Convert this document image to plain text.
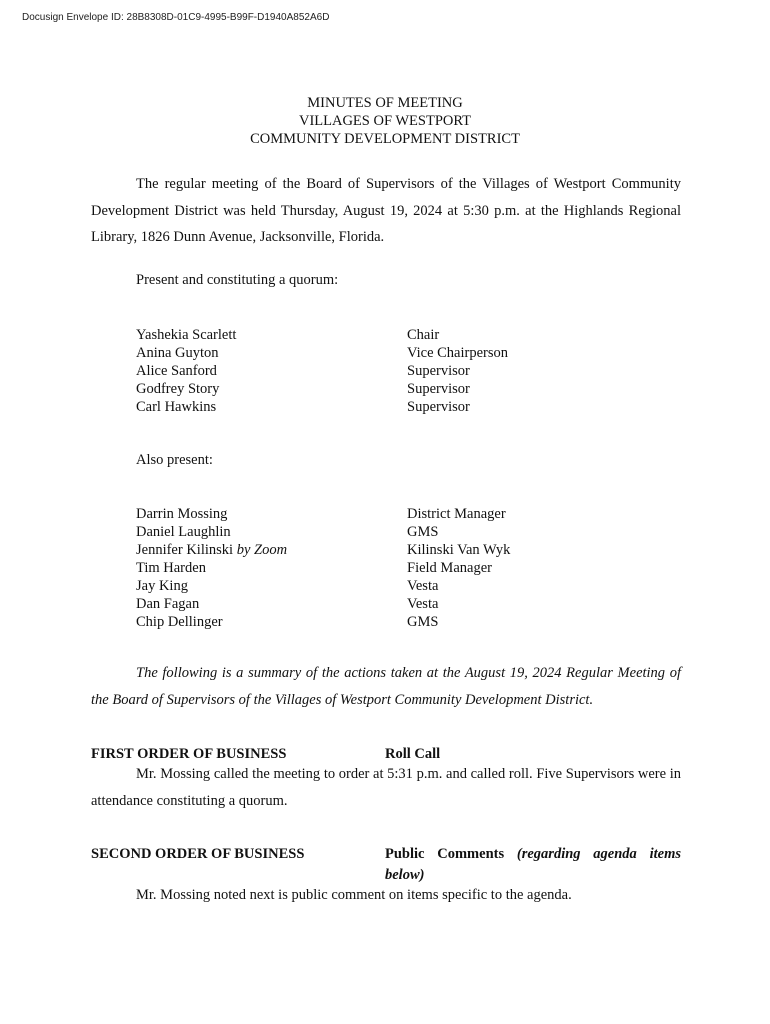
Docusign Envelope ID: 28B8308D-01C9-4995-B99F-D1940A852A6D
MINUTES OF MEETING
VILLAGES OF WESTPORT
COMMUNITY DEVELOPMENT DISTRICT
The regular meeting of the Board of Supervisors of the Villages of Westport Community Development District was held Thursday, August 19, 2024 at 5:30 p.m. at the Highlands Regional Library, 1826 Dunn Avenue, Jacksonville, Florida.
Present and constituting a quorum:
Yashekia Scarlett	Chair
Anina Guyton	Vice Chairperson
Alice Sanford	Supervisor
Godfrey Story	Supervisor
Carl Hawkins	Supervisor
Also present:
Darrin Mossing	District Manager
Daniel Laughlin	GMS
Jennifer Kilinski by Zoom	Kilinski Van Wyk
Tim Harden	Field Manager
Jay King	Vesta
Dan Fagan	Vesta
Chip Dellinger	GMS
The following is a summary of the actions taken at the August 19, 2024 Regular Meeting of the Board of Supervisors of the Villages of Westport Community Development District.
FIRST ORDER OF BUSINESS	Roll Call
Mr. Mossing called the meeting to order at 5:31 p.m. and called roll. Five Supervisors were in attendance constituting a quorum.
SECOND ORDER OF BUSINESS	Public Comments (regarding agenda items
below)
Mr. Mossing noted next is public comment on items specific to the agenda.
